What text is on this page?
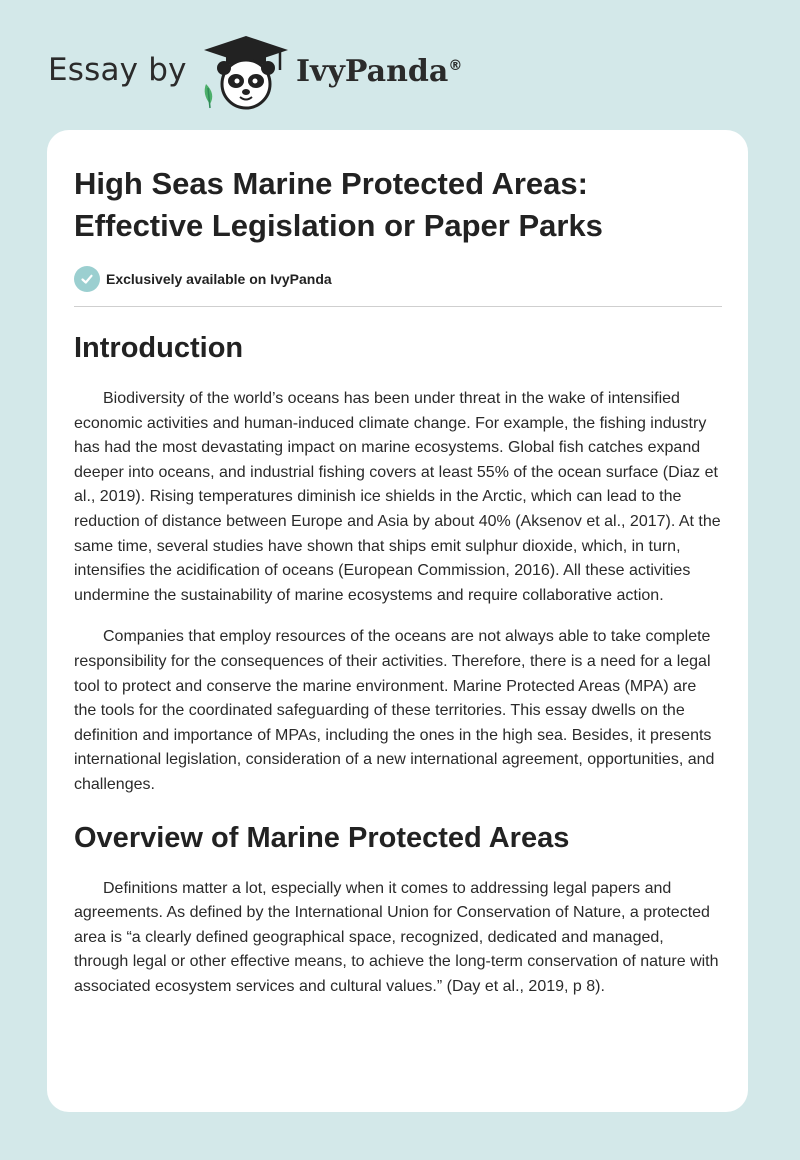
Essay by	IvyPanda®
High Seas Marine Protected Areas: Effective Legislation or Paper Parks
Exclusively available on IvyPanda
Introduction

Biodiversity of the world’s oceans has been under threat in the wake of intensified economic activities and human-induced climate change. For example, the fishing industry has had the most devastating impact on marine ecosystems. Global fish catches expand deeper into oceans, and industrial fishing covers at least 55% of the ocean surface (Diaz et al., 2019). Rising temperatures diminish ice shields in the Arctic, which can lead to the reduction of distance between Europe and Asia by about 40% (Aksenov et al., 2017). At the same time, several studies have shown that ships emit sulphur dioxide, which, in turn, intensifies the acidification of oceans (European Commission, 2016). All these activities undermine the sustainability of marine ecosystems and require collaborative action.

Companies that employ resources of the oceans are not always able to take complete responsibility for the consequences of their activities. Therefore, there is a need for a legal tool to protect and conserve the marine environment. Marine Protected Areas (MPA) are the tools for the coordinated safeguarding of these territories. This essay dwells on the definition and importance of MPAs, including the ones in the high sea. Besides, it presents international legislation, consideration of a new international agreement, opportunities, and challenges.

Overview of Marine Protected Areas

Definitions matter a lot, especially when it comes to addressing legal papers and agreements. As defined by the International Union for Conservation of Nature, a protected area is “a clearly defined geographical space, recognized, dedicated and managed, through legal or other effective means, to achieve the long-term conservation of nature with associated ecosystem services and cultural values.” (Day et al., 2019, p 8).
